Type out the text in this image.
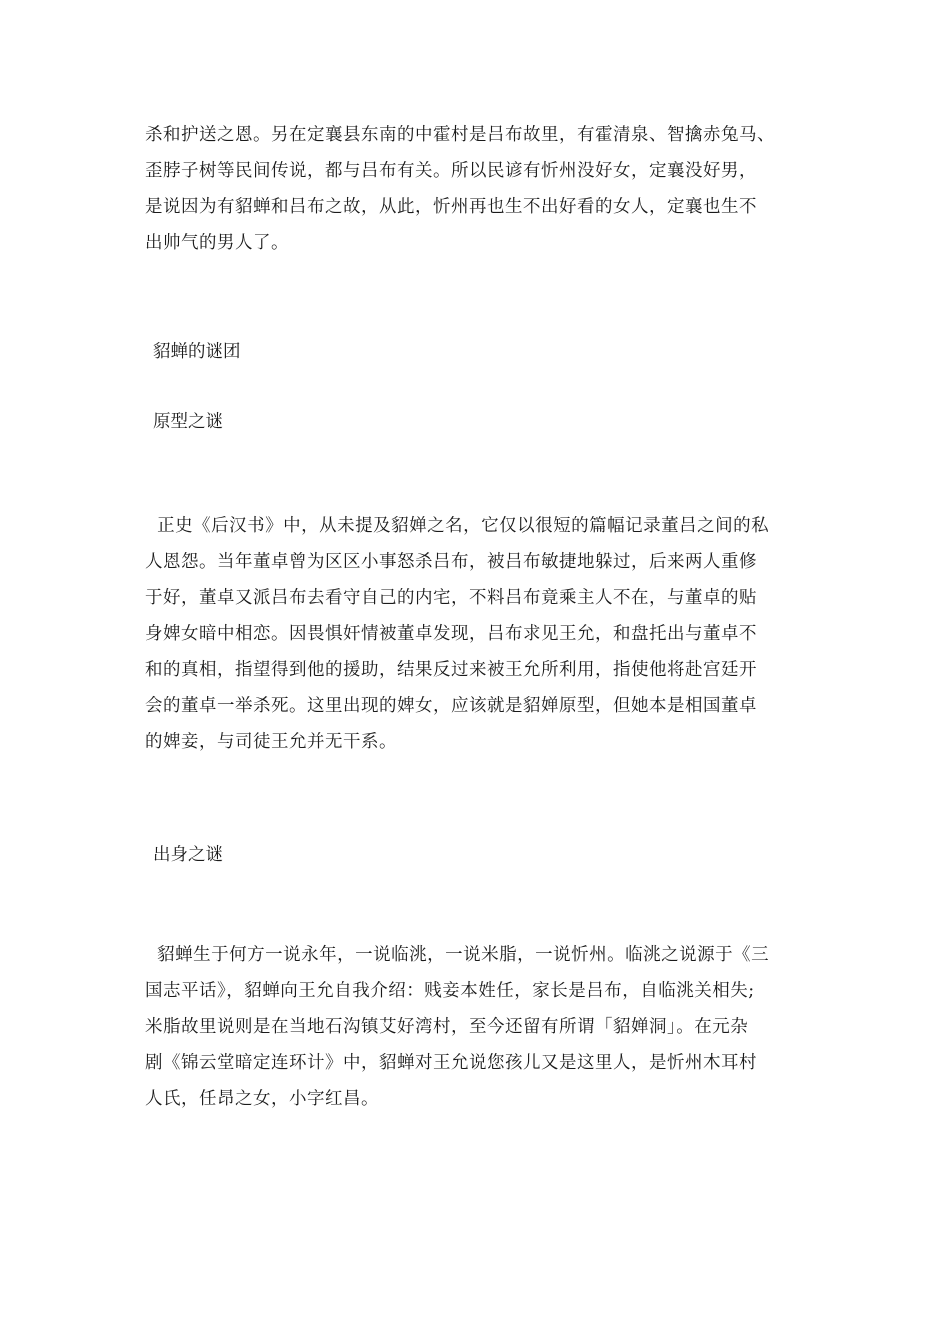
杀和护送之恩。另在定襄县东南的中霍村是吕布故里，有霍清泉、智擒赤兔马、
歪脖子树等民间传说，都与吕布有关。所以民谚有忻州没好女，定襄没好男，
是说因为有貂蝉和吕布之故，从此，忻州再也生不出好看的女人，定襄也生不
出帅气的男人了。
貂蝉的谜团
原型之谜
正史《后汉书》中，从未提及貂婵之名，它仅以很短的篇幅记录董吕之间的私
人恩怨。当年董卓曾为区区小事怒杀吕布，被吕布敏捷地躲过，后来两人重修
于好，董卓又派吕布去看守自己的内宅，不料吕布竟乘主人不在，与董卓的贴
身婢女暗中相恋。因畏惧奸情被董卓发现，吕布求见王允，和盘托出与董卓不
和的真相，指望得到他的援助，结果反过来被王允所利用，指使他将赴宫廷开
会的董卓一举杀死。这里出现的婢女，应该就是貂婵原型，但她本是相国董卓
的婢妾，与司徒王允并无干系。
出身之谜
貂蝉生于何方一说永年，一说临洮，一说米脂，一说忻州。临洮之说源于《三
国志平话》，貂蝉向王允自我介绍：贱妾本姓任，家长是吕布，自临洮关相失;
米脂故里说则是在当地石沟镇艾好湾村，至今还留有所谓「貂婵洞」。在元杂
剧《锦云堂暗定连环计》中，貂蝉对王允说您孩儿又是这里人，是忻州木耳村
人氏，任昂之女，小字红昌。
